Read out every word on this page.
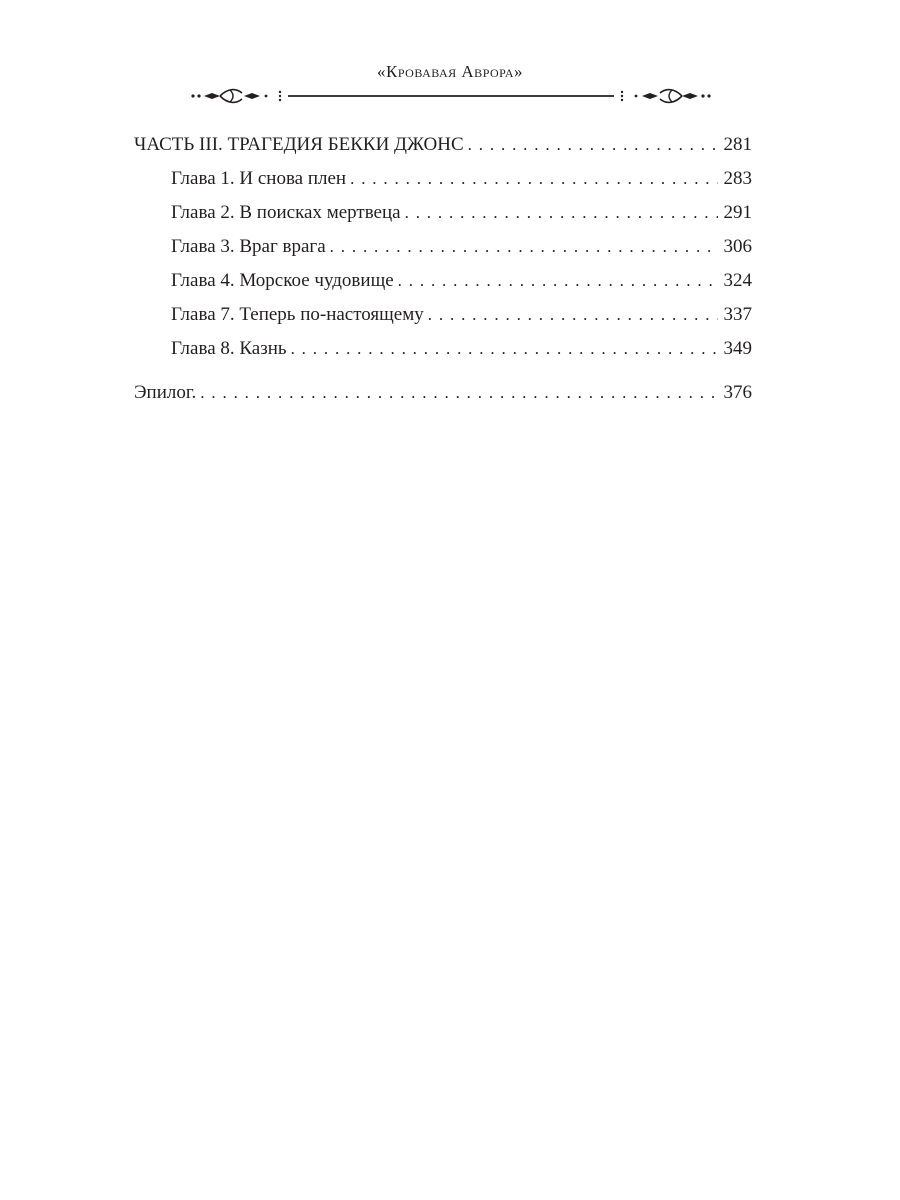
«Кровавая Аврора»
ЧАСТЬ III. ТРАГЕДИЯ БЕККИ ДЖОНС . . .	281
Глава 1. И снова плен . . .	283
Глава 2. В поисках мертвеца . . .	291
Глава 3. Враг врага . . .	306
Глава 4. Морское чудовище . . .	324
Глава 7. Теперь по-настоящему . . .	337
Глава 8. Казнь . . .	349
Эпилог. . . .	376
